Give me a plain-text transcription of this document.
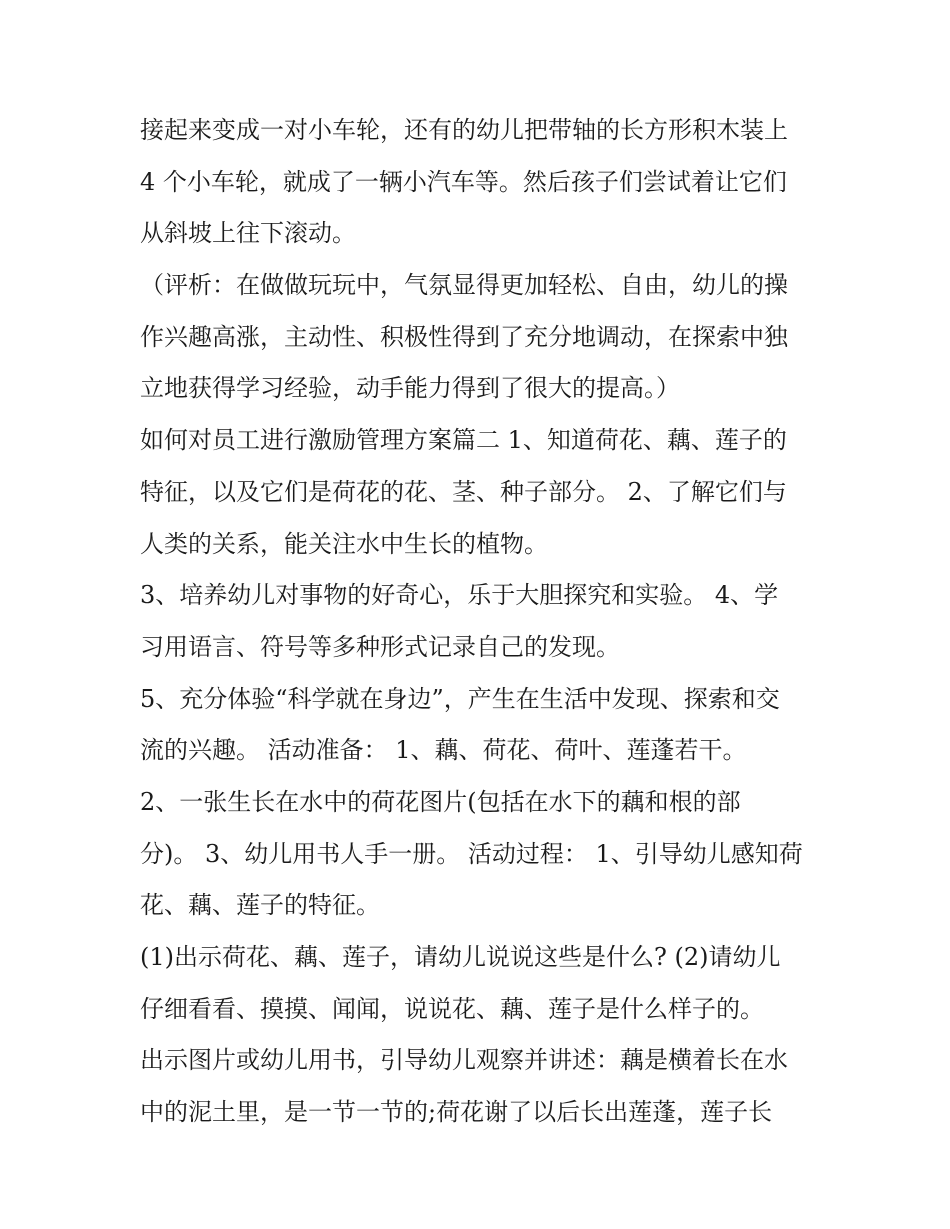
接起来变成一对小车轮，还有的幼儿把带轴的长方形积木装上
4 个小车轮，就成了一辆小汽车等。然后孩子们尝试着让它们
从斜坡上往下滚动。
（评析：在做做玩玩中，气氛显得更加轻松、自由，幼儿的操
作兴趣高涨，主动性、积极性得到了充分地调动，在探索中独
立地获得学习经验，动手能力得到了很大的提高。）
如何对员工进行激励管理方案篇二 1、知道荷花、藕、莲子的
特征，以及它们是荷花的花、茎、种子部分。 2、了解它们与
人类的关系，能关注水中生长的植物。
3、培养幼儿对事物的好奇心，乐于大胆探究和实验。 4、学
习用语言、符号等多种形式记录自己的发现。
5、充分体验“科学就在身边”，产生在生活中发现、探索和交
流的兴趣。 活动准备： 1、藕、荷花、荷叶、莲蓬若干。
2、一张生长在水中的荷花图片(包括在水下的藕和根的部
分)。 3、幼儿用书人手一册。 活动过程： 1、引导幼儿感知荷
花、藕、莲子的特征。
(1)出示荷花、藕、莲子，请幼儿说说这些是什么? (2)请幼儿
仔细看看、摸摸、闻闻，说说花、藕、莲子是什么样子的。
出示图片或幼儿用书，引导幼儿观察并讲述：藕是横着长在水
中的泥土里，是一节一节的;荷花谢了以后长出莲蓬，莲子长
